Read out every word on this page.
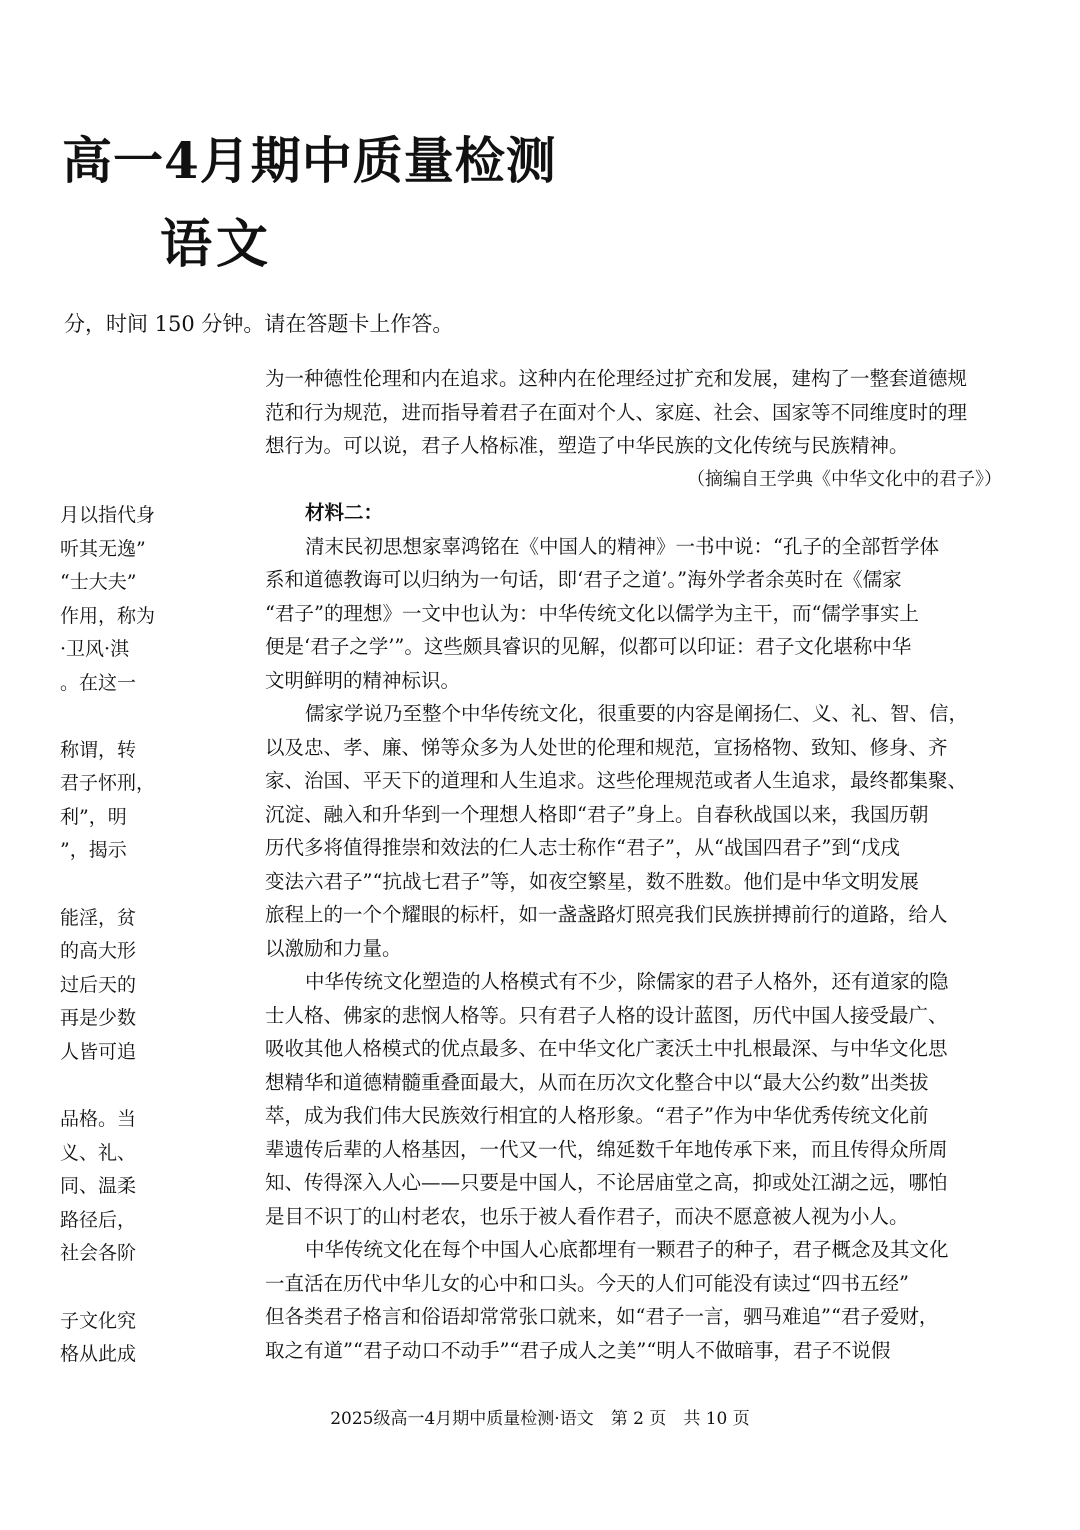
高一4月期中质量检测
语文
分，时间 150 分钟。请在答题卡上作答。
月以指代身
听其无逸”
“士大夫”
作用，称为
·卫风·淇
。在这一
称谓，转
君子怀刑，
利”，明
”，揭示
能淫，贫
的高大形
过后天的
再是少数
人皆可追
品格。当
义、礼、
同、温柔
路径后，
社会各阶
子文化究
格从此成
为一种德性伦理和内在追求。这种内在伦理经过扩充和发展，建构了一整套道德规
范和行为规范，进而指导着君子在面对个人、家庭、社会、国家等不同维度时的理
想行为。可以说，君子人格标准，塑造了中华民族的文化传统与民族精神。
（摘编自王学典《中华文化中的君子》）
材料二：
清末民初思想家辜鸿铭在《中国人的精神》一书中说：“孔子的全部哲学体
系和道德教诲可以归纳为一句话，即‘君子之道’。”海外学者余英时在《儒家
“君子”的理想》一文中也认为：中华传统文化以儒学为主干，而“儒学事实上
便是‘君子之学’”。这些颇具睿识的见解，似都可以印证：君子文化堪称中华
文明鲜明的精神标识。
儒家学说乃至整个中华传统文化，很重要的内容是阐扬仁、义、礼、智、信，
以及忠、孝、廉、悌等众多为人处世的伦理和规范，宣扬格物、致知、修身、齐
家、治国、平天下的道理和人生追求。这些伦理规范或者人生追求，最终都集聚、
沉淀、融入和升华到一个理想人格即“君子”身上。自春秋战国以来，我国历朝
历代多将值得推崇和效法的仁人志士称作“君子”，从“战国四君子”到“戊戌
变法六君子”“抗战七君子”等，如夜空繁星，数不胜数。他们是中华文明发展
旅程上的一个个耀眼的标杆，如一盏盏路灯照亮我们民族拼搏前行的道路，给人
以激励和力量。
中华传统文化塑造的人格模式有不少，除儒家的君子人格外，还有道家的隐
士人格、佛家的悲悯人格等。只有君子人格的设计蓝图，历代中国人接受最广、
吸收其他人格模式的优点最多、在中华文化广袤沃土中扎根最深、与中华文化思
想精华和道德精髓重叠面最大，从而在历次文化整合中以“最大公约数”出类拔
萃，成为我们伟大民族效行相宜的人格形象。“君子”作为中华优秀传统文化前
辈遗传后辈的人格基因，一代又一代，绵延数千年地传承下来，而且传得众所周
知、传得深入人心——只要是中国人，不论居庙堂之高，抑或处江湖之远，哪怕
是目不识丁的山村老农，也乐于被人看作君子，而决不愿意被人视为小人。
中华传统文化在每个中国人心底都埋有一颗君子的种子，君子概念及其文化
一直活在历代中华儿女的心中和口头。今天的人们可能没有读过“四书五经”
但各类君子格言和俗语却常常张口就来，如“君子一言，驷马难追”“君子爱财，
取之有道”“君子动口不动手”“君子成人之美”“明人不做暗事，君子不说假
2025级高一4月期中质量检测·语文　第 2 页　共 10 页
